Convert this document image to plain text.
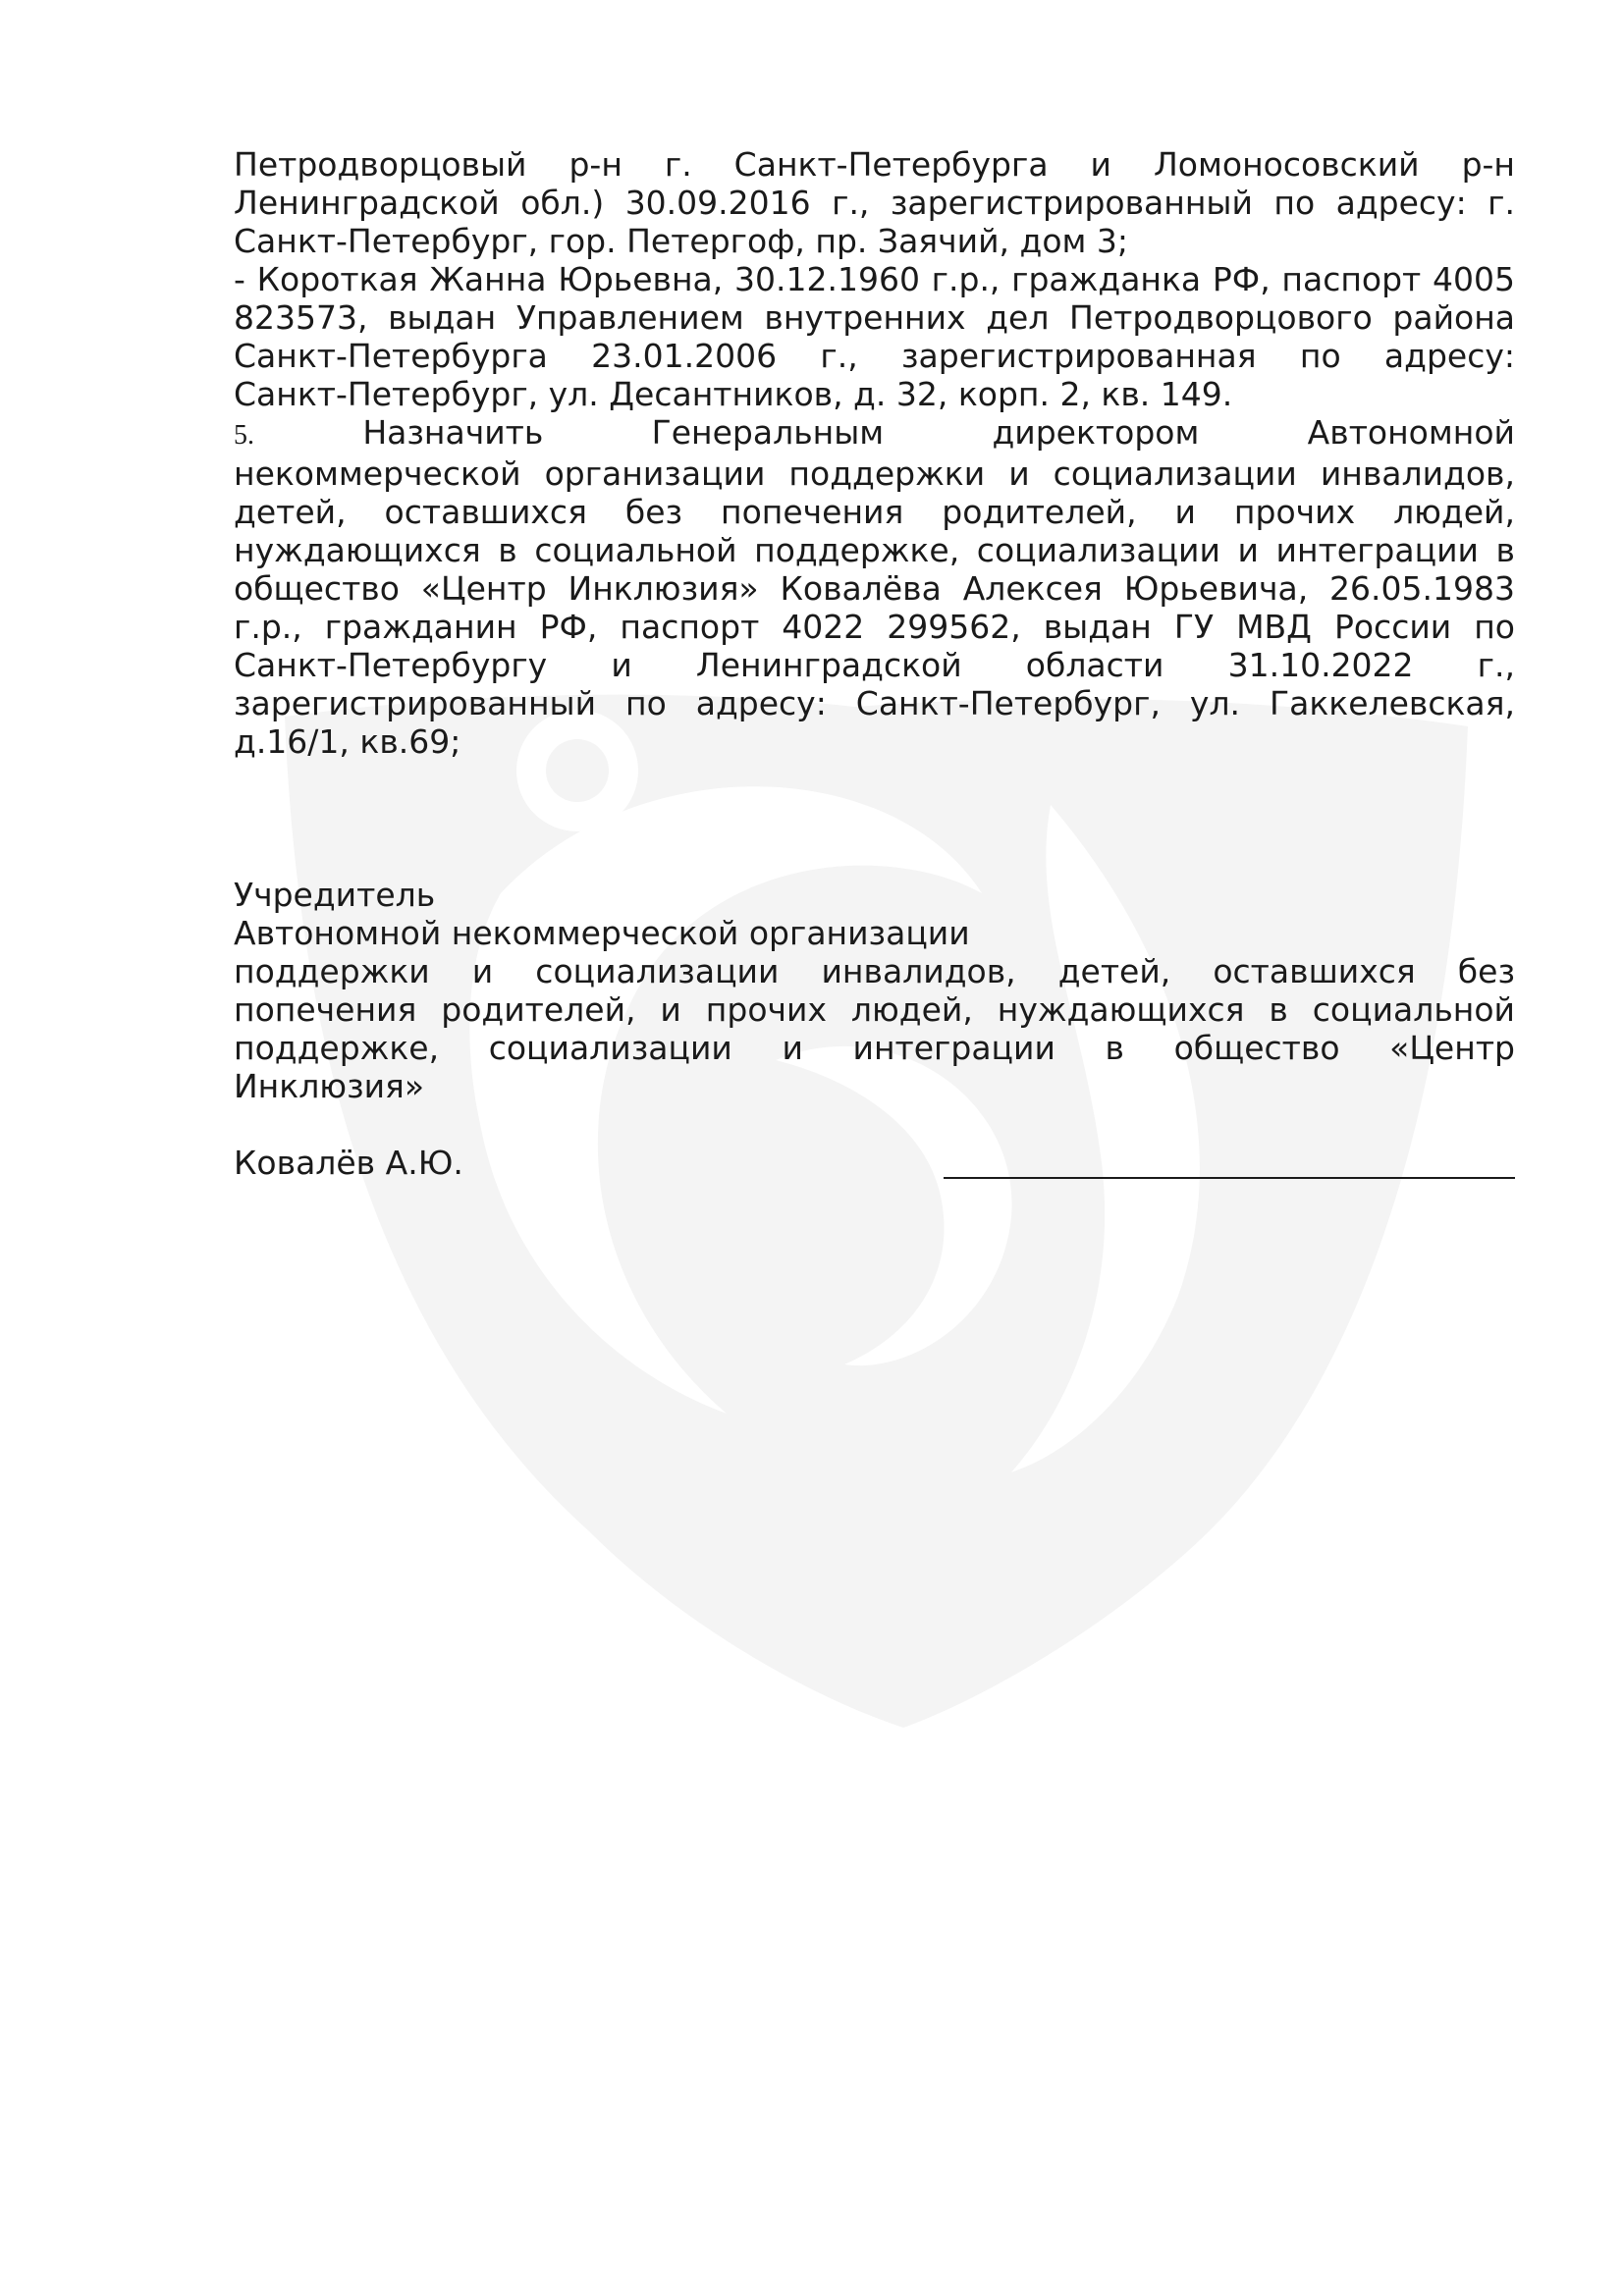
Петродворцовый р-н г. Санкт-Петербурга и Ломоносовский р-н

Ленинградской обл.) 30.09.2016 г., зарегистрированный по адресу: г.

Санкт-Петербург, гор. Петергоф, пр. Заячий, дом 3;

- Короткая Жанна Юрьевна, 30.12.1960 г.р., гражданка РФ, паспорт 4005

823573, выдан Управлением внутренних дел Петродворцового района

Санкт-Петербурга 23.01.2006 г., зарегистрированная по адресу:

Санкт-Петербург, ул. Десантников, д. 32, корп. 2, кв. 149.

5.	Назначить Генеральным директором Автономной

некоммерческой организации поддержки и социализации инвалидов,

детей, оставшихся без попечения родителей, и прочих людей,

нуждающихся в социальной поддержке, социализации и интеграции в

общество «Центр Инклюзия» Ковалёва Алексея Юрьевича, 26.05.1983

г.р., гражданин РФ, паспорт 4022 299562, выдан ГУ МВД России по

Санкт-Петербургу и Ленинградской области 31.10.2022 г.,

зарегистрированный по адресу: Санкт-Петербург, ул. Гаккелевская,

д.16/1, кв.69;

Учредитель

Автономной некоммерческой организации

поддержки и социализации инвалидов, детей, оставшихся без

попечения родителей, и прочих людей, нуждающихся в социальной

поддержке, социализации и интеграции в общество «Центр

Инклюзия»

Ковалёв А.Ю.
